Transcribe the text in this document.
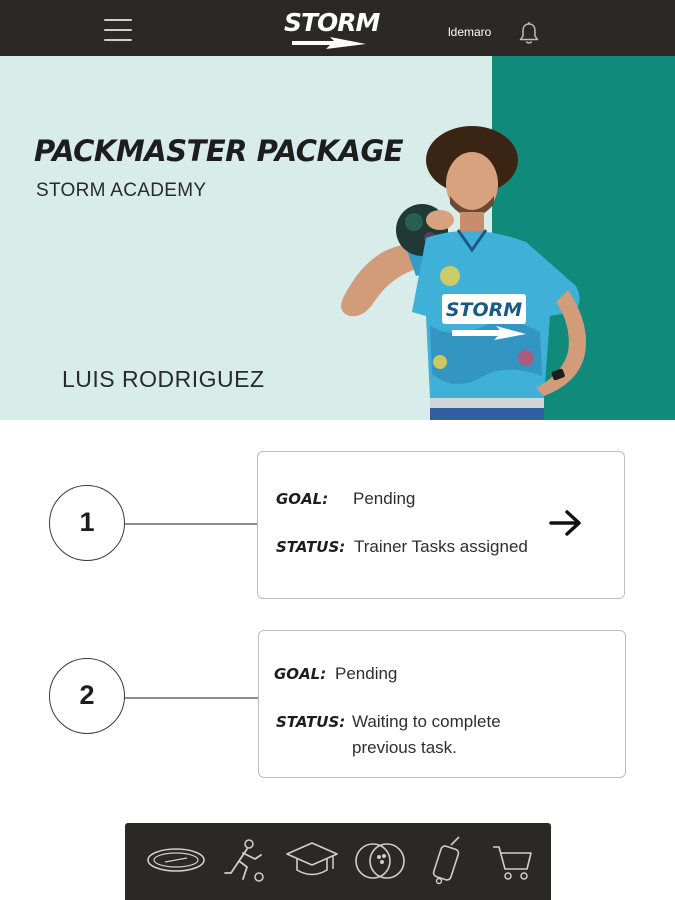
STORM	ldemaro
PACKMASTER PACKAGE
STORM ACADEMY
LUIS RODRIGUEZ
STORM
1
GOAL: Pending
STATUS: Trainer Tasks assigned
2
GOAL: Pending
STATUS: Waiting to complete
previous task.
